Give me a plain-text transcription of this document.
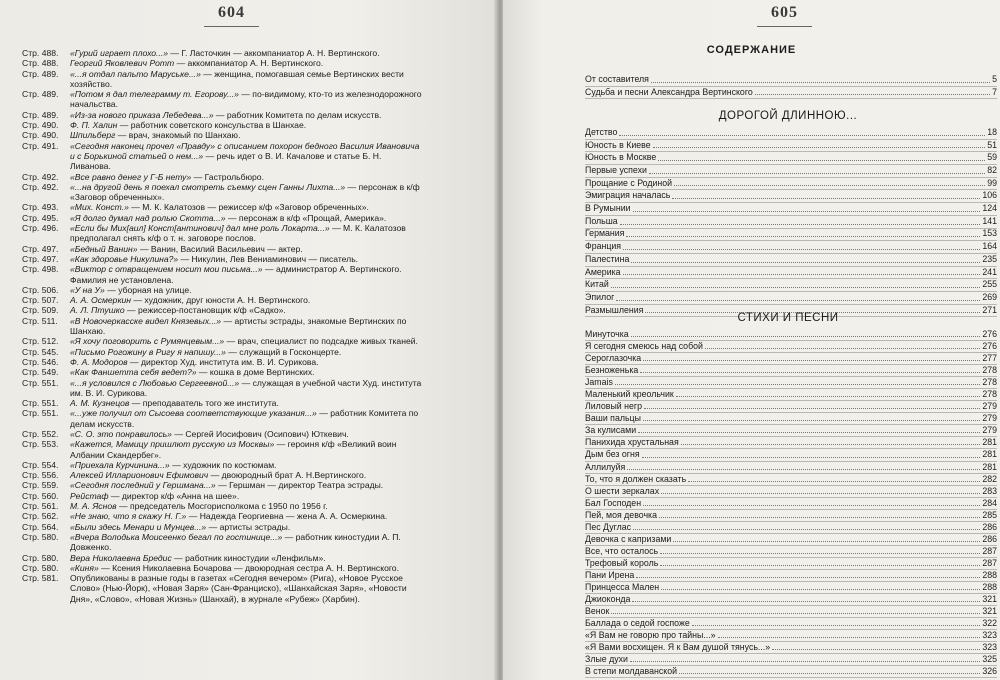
604
Стр. 488.	«Гурий играет плохо...» — Г. Ласточкин — аккомпаниатор А. Н. Вертинского.
Стр. 488.	Георгий Яковлевич Ротт — аккомпаниатор А. Н. Вертинского.
Стр. 489.	«...я отдал пальто Маруське...» — женщина, помогавшая семье Вертинских вести хозяйство.
Стр. 489.	«Потом я дал телеграмму т. Егорову...» — по-видимому, кто-то из железнодорожного начальства.
Стр. 489.	«Из-за нового приказа Лебедева...» — работник Комитета по делам искусств.
Стр. 490.	Ф. П. Халин — работник советского консульства в Шанхае.
Стр. 490.	Шпильберг — врач, знакомый по Шанхаю.
Стр. 491.	«Сегодня наконец прочел «Правду» с описанием похорон бедного Василия Ивановича и с Борькиной статьей о нем...» — речь идет о В. И. Качалове и статье Б. Н. Ливанова.
Стр. 492.	«Все равно денег у Г-Б нету» — Гастрольбюро.
Стр. 492.	«...на другой день я поехал смотреть съемку сцен Ганны Лихта...» — персонаж в к/ф «Заговор обреченных».
Стр. 493.	«Мих. Конст.» — М. К. Калатозов — режиссер к/ф «Заговор обреченных».
Стр. 495.	«Я долго думал над ролью Скотта...» — персонаж в к/ф «Прощай, Америка».
Стр. 496.	«Если бы Мих[аил] Конст[антинович] дал мне роль Локарта...» — М. К. Калатозов предполагал снять к/ф о т. н. заговоре послов.
Стр. 497.	«Бедный Ванин» — Ванин, Василий Васильевич — актер.
Стр. 497.	«Как здоровье Никулина?» — Никулин, Лев Вениаминович — писатель.
Стр. 498.	«Виктор с отвращением носит мои письма...» — администратор А. Вертинского. Фамилия не установлена.
Стр. 506.	«У на У» — уборная на улице.
Стр. 507.	А. А. Осмеркин — художник, друг юности А. Н. Вертинского.
Стр. 509.	А. Л. Птушко — режиссер-постановщик к/ф «Садко».
Стр. 511.	«В Новочеркасске видел Князевых...» — артисты эстрады, знакомые Вертинских по Шанхаю.
Стр. 512.	«Я хочу поговорить с Румянцевым...» — врач, специалист по подсадке живых тканей.
Стр. 545.	«Письмо Рогожину в Ригу я напишу...» — служащий в Госконцерте.
Стр. 546.	Ф. А. Модоров — директор Худ. института им. В. И. Сурикова.
Стр. 549.	«Как Фаншетта себя ведет?» — кошка в доме Вертинских.
Стр. 551.	«...я условился с Любовью Сергеевной...» — служащая в учебной части Худ. института им. В. И. Сурикова.
Стр. 551.	А. М. Кузнецов — преподаватель того же института.
Стр. 551.	«...уже получил от Сысоева соответствующие указания...» — работник Комитета по делам искусств.
Стр. 552.	«С. О. это понравилось» — Сергей Иосифович (Осипович) Юткевич.
Стр. 553.	«Кажется, Мамицу пришлют русскую из Москвы» — героиня к/ф «Великий воин Албании Скандербег».
Стр. 554.	«Приехала Курчинина...» — художник по костюмам.
Стр. 556.	Алексей Илларионович Ефимович — двоюродный брат А. Н.Вертинского.
Стр. 559.	«Сегодня последний у Гершмана...» — Гершман — директор Театра эстрады.
Стр. 560.	Рейстаф — директор к/ф «Анна на шее».
Стр. 561.	М. А. Яснов — председатель Мосгорисполкома с 1950 по 1956 г.
Стр. 562.	«Не знаю, что я скажу Н. Г.» — Надежда Георгиевна — жена А. А. Осмеркина.
Стр. 564.	«Были здесь Менари и Мунцев...» — артисты эстрады.
Стр. 580.	«Вчера Володька Моисеенко бегал по гостинице...» — работник киностудии А. П. Довженко.
Стр. 580.	Вера Николаевна Бредис — работник киностудии «Ленфильм».
Стр. 580.	«Киня» — Ксения Николаевна Бочарова — двоюродная сестра А. Н. Вертинского.
Стр. 581.	Опубликованы в разные годы в газетах «Сегодня вечером» (Рига), «Новое Русское Слово» (Нью-Йорк), «Новая Заря» (Сан-Франциско), «Шанхайская Заря», «Новости Дня», «Слово», «Новая Жизнь» (Шанхай), в журнале «Рубеж» (Харбин).
605
СОДЕРЖАНИЕ
От составителя	5
Судьба и песни Александра Вертинского	7
ДОРОГОЙ ДЛИННОЮ...
Детство	18
Юность в Киеве	51
Юность в Москве	59
Первые успехи	82
Прощание с Родиной	99
Эмиграция началась	106
В Румынии	124
Польша	141
Германия	153
Франция	164
Палестина	235
Америка	241
Китай	255
Эпилог	269
Размышления	271
СТИХИ И ПЕСНИ
Минуточка	276
Я сегодня смеюсь над собой	276
Сероглазочка	277
Безноженька	278
Jamais	278
Маленький креольчик	278
Лиловый негр	279
Ваши пальцы	279
За кулисами	279
Панихида хрустальная	281
Дым без огня	281
Аллилуйя	281
То, что я должен сказать	282
О шести зеркалах	283
Бал Господен	284
Пей, моя девочка	285
Пес Дуглас	286
Девочка с капризами	286
Все, что осталось	287
Трефовый король	287
Пани Ирена	288
Принцесса Мален	288
Джиоконда	321
Венок	321
Баллада о седой госпоже	322
«Я Вам не говорю про тайны...»	323
«Я Вами восхищен. Я к Вам душой тянусь...»	323
Злые духи	325
В степи молдаванской	326
